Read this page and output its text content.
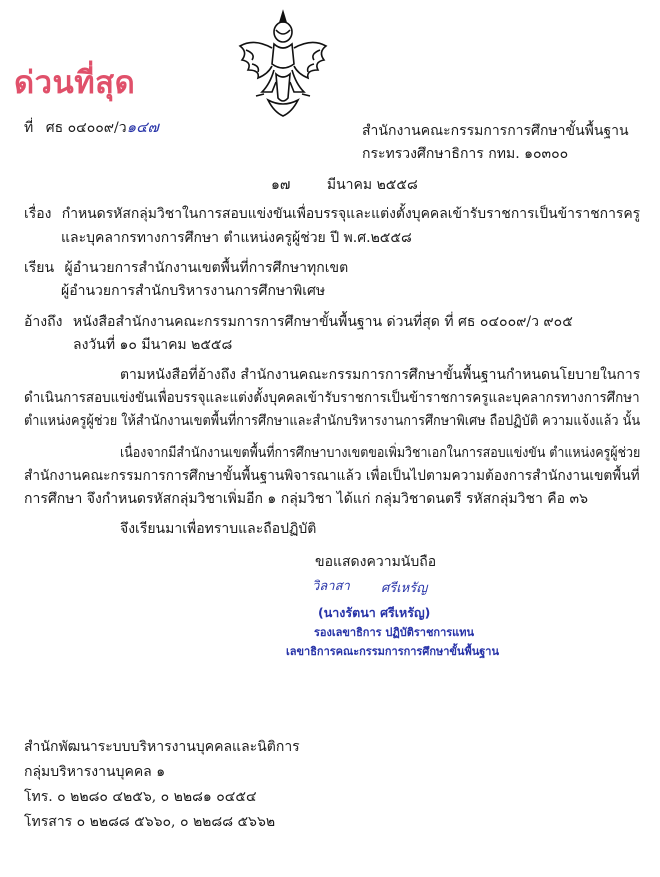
ด่วนที่สุด
ที่ ศธ ๐๔๐๐๙/ว๑๔๗	สำนักงานคณะกรรมการการศึกษาขั้นพื้นฐาน
กระทรวงศึกษาธิการ กทม. ๑๐๓๐๐
๑๗	มีนาคม ๒๕๕๘
เรื่อง กำหนดรหัสกลุ่มวิชาในการสอบแข่งขันเพื่อบรรจุและแต่งตั้งบุคคลเข้ารับราชการเป็นข้าราชการครู
และบุคลากรทางการศึกษา ตำแหน่งครูผู้ช่วย ปี พ.ศ.๒๕๕๘
เรียน ผู้อำนวยการสำนักงานเขตพื้นที่การศึกษาทุกเขต
ผู้อำนวยการสำนักบริหารงานการศึกษาพิเศษ
อ้างถึง หนังสือสำนักงานคณะกรรมการการศึกษาขั้นพื้นฐาน ด่วนที่สุด ที่ ศธ ๐๔๐๐๙/ว ๙๐๕
ลงวันที่ ๑๐ มีนาคม ๒๕๕๘
ตามหนังสือที่อ้างถึง สำนักงานคณะกรรมการการศึกษาขั้นพื้นฐานกำหนดนโยบายในการ
ดำเนินการสอบแข่งขันเพื่อบรรจุและแต่งตั้งบุคคลเข้ารับราชการเป็นข้าราชการครูและบุคลากรทางการศึกษา
ตำแหน่งครูผู้ช่วย ให้สำนักงานเขตพื้นที่การศึกษาและสำนักบริหารงานการศึกษาพิเศษ ถือปฏิบัติ ความแจ้งแล้ว นั้น
เนื่องจากมีสำนักงานเขตพื้นที่การศึกษาบางเขตขอเพิ่มวิชาเอกในการสอบแข่งขัน ตำแหน่งครูผู้ช่วย
สำนักงานคณะกรรมการการศึกษาขั้นพื้นฐานพิจารณาแล้ว เพื่อเป็นไปตามความต้องการสำนักงานเขตพื้นที่
การศึกษา จึงกำหนดรหัสกลุ่มวิชาเพิ่มอีก ๑ กลุ่มวิชา ได้แก่ กลุ่มวิชาดนตรี รหัสกลุ่มวิชา คือ ๓๖
จึงเรียนมาเพื่อทราบและถือปฏิบัติ
ขอแสดงความนับถือ
วิลาสา ศรีเหรัญ
(นางรัตนา ศรีเหรัญ)
รองเลขาธิการ ปฏิบัติราชการแทน
เลขาธิการคณะกรรมการการศึกษาขั้นพื้นฐาน
สำนักพัฒนาระบบบริหารงานบุคคลและนิติการ
กลุ่มบริหารงานบุคคล ๑
โทร. ๐ ๒๒๘๐ ๔๒๕๖, ๐ ๒๒๘๑ ๐๔๕๔
โทรสาร ๐ ๒๒๘๘ ๕๖๖๐, ๐ ๒๒๘๘ ๕๖๖๒
